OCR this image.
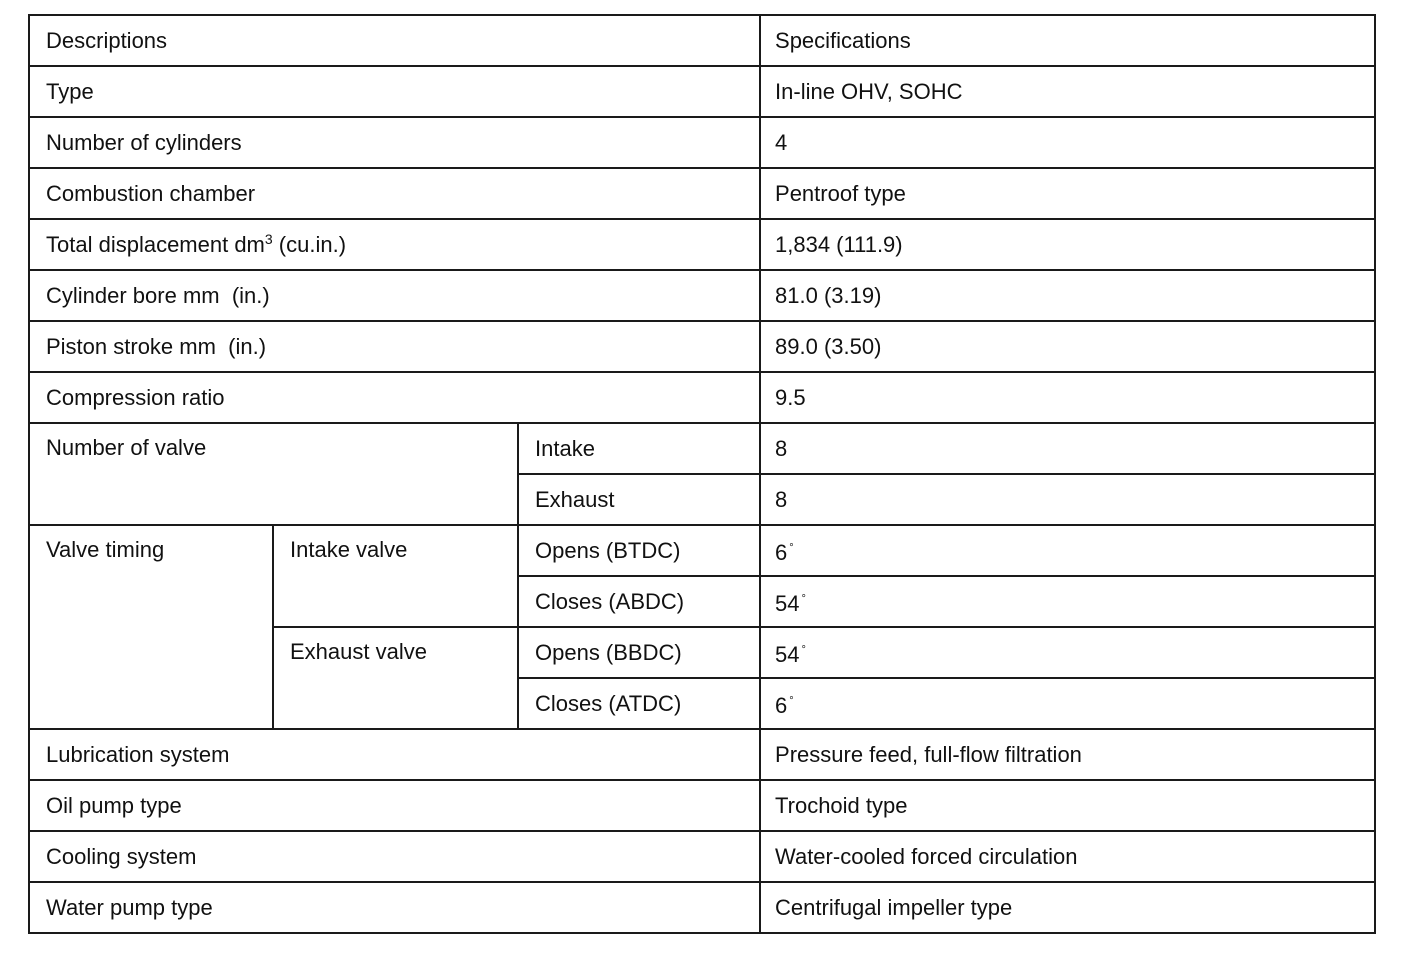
Descriptions			Specifications
Type			In-line OHV, SOHC
Number of cylinders			4
Combustion chamber			Pentroof type
Total displacement $dm^3$ (cu.in.)			1,834 (111.9)
Cylinder bore mm  (in.)			81.0 (3.19)
Piston stroke mm  (in.)			89.0 (3.50)
Compression ratio			9.5
Number of valve		Intake	8
		Exhaust	8
Valve timing	Intake valve	Opens (BTDC)	6 °
		Closes (ABDC)	54 °
	Exhaust valve	Opens (BBDC)	54 °
		Closes (ATDC)	6 °
Lubrication system			Pressure feed, full-flow filtration
Oil pump type			Trochoid type
Cooling system			Water-cooled forced circulation
Water pump type			Centrifugal impeller type
